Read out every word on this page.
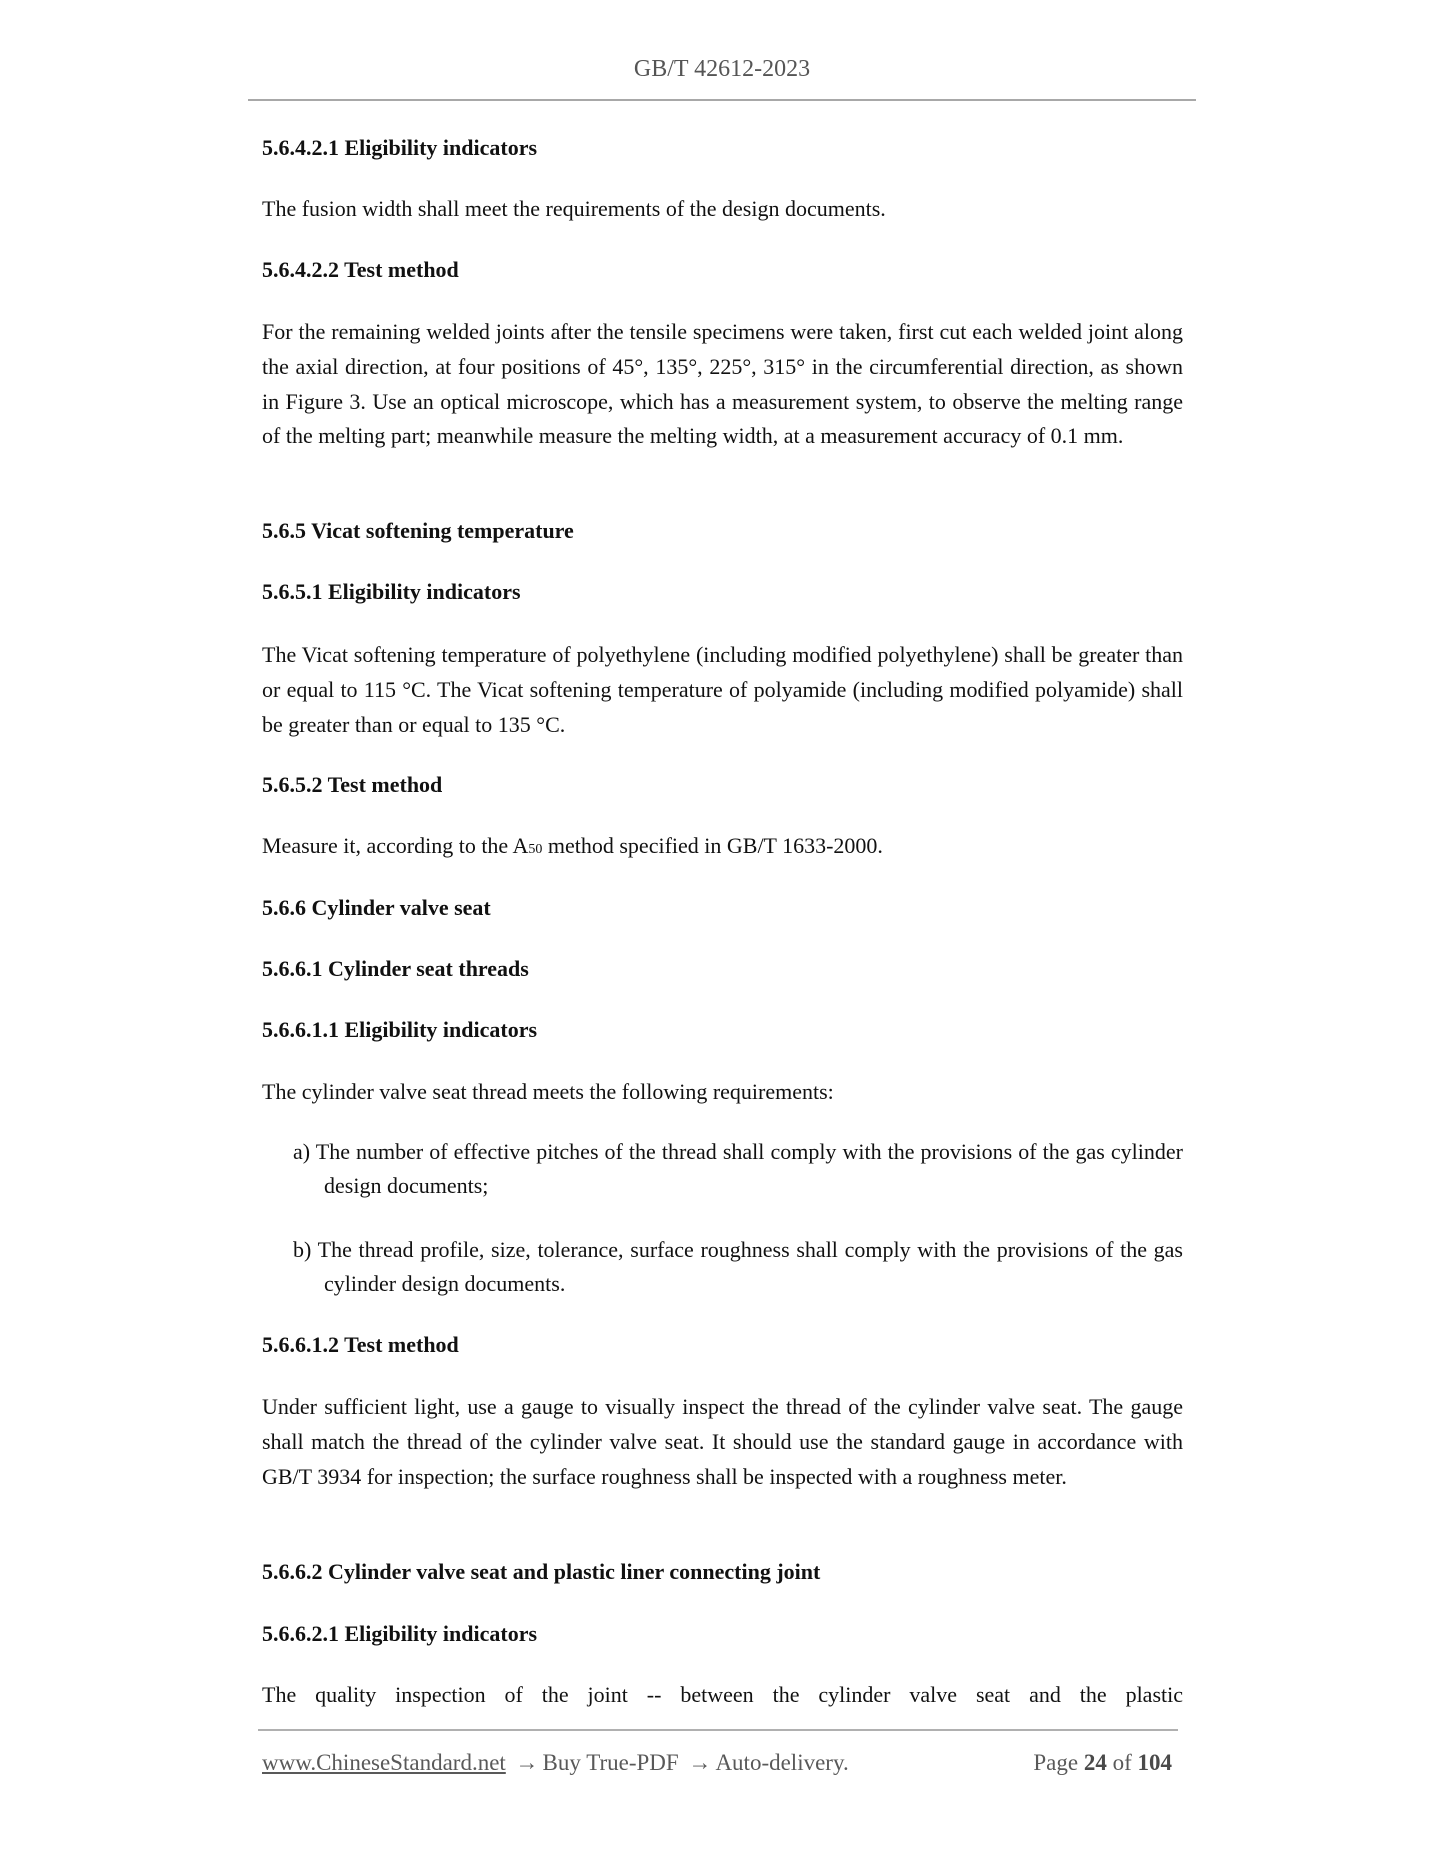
GB/T 42612-2023
5.6.4.2.1 Eligibility indicators
The fusion width shall meet the requirements of the design documents.
5.6.4.2.2 Test method
For the remaining welded joints after the tensile specimens were taken, first cut each welded joint along the axial direction, at four positions of 45°, 135°, 225°, 315° in the circumferential direction, as shown in Figure 3. Use an optical microscope, which has a measurement system, to observe the melting range of the melting part; meanwhile measure the melting width, at a measurement accuracy of 0.1 mm.
5.6.5 Vicat softening temperature
5.6.5.1 Eligibility indicators
The Vicat softening temperature of polyethylene (including modified polyethylene) shall be greater than or equal to 115 °C. The Vicat softening temperature of polyamide (including modified polyamide) shall be greater than or equal to 135 °C.
5.6.5.2 Test method
Measure it, according to the A50 method specified in GB/T 1633-2000.
5.6.6 Cylinder valve seat
5.6.6.1 Cylinder seat threads
5.6.6.1.1 Eligibility indicators
The cylinder valve seat thread meets the following requirements:
a) The number of effective pitches of the thread shall comply with the provisions of the gas cylinder design documents;
b) The thread profile, size, tolerance, surface roughness shall comply with the provisions of the gas cylinder design documents.
5.6.6.1.2 Test method
Under sufficient light, use a gauge to visually inspect the thread of the cylinder valve seat. The gauge shall match the thread of the cylinder valve seat. It should use the standard gauge in accordance with GB/T 3934 for inspection; the surface roughness shall be inspected with a roughness meter.
5.6.6.2 Cylinder valve seat and plastic liner connecting joint
5.6.6.2.1 Eligibility indicators
The quality inspection of the joint -- between the cylinder valve seat and the plastic
www.ChineseStandard.net → Buy True-PDF → Auto-delivery.	Page 24 of 104
